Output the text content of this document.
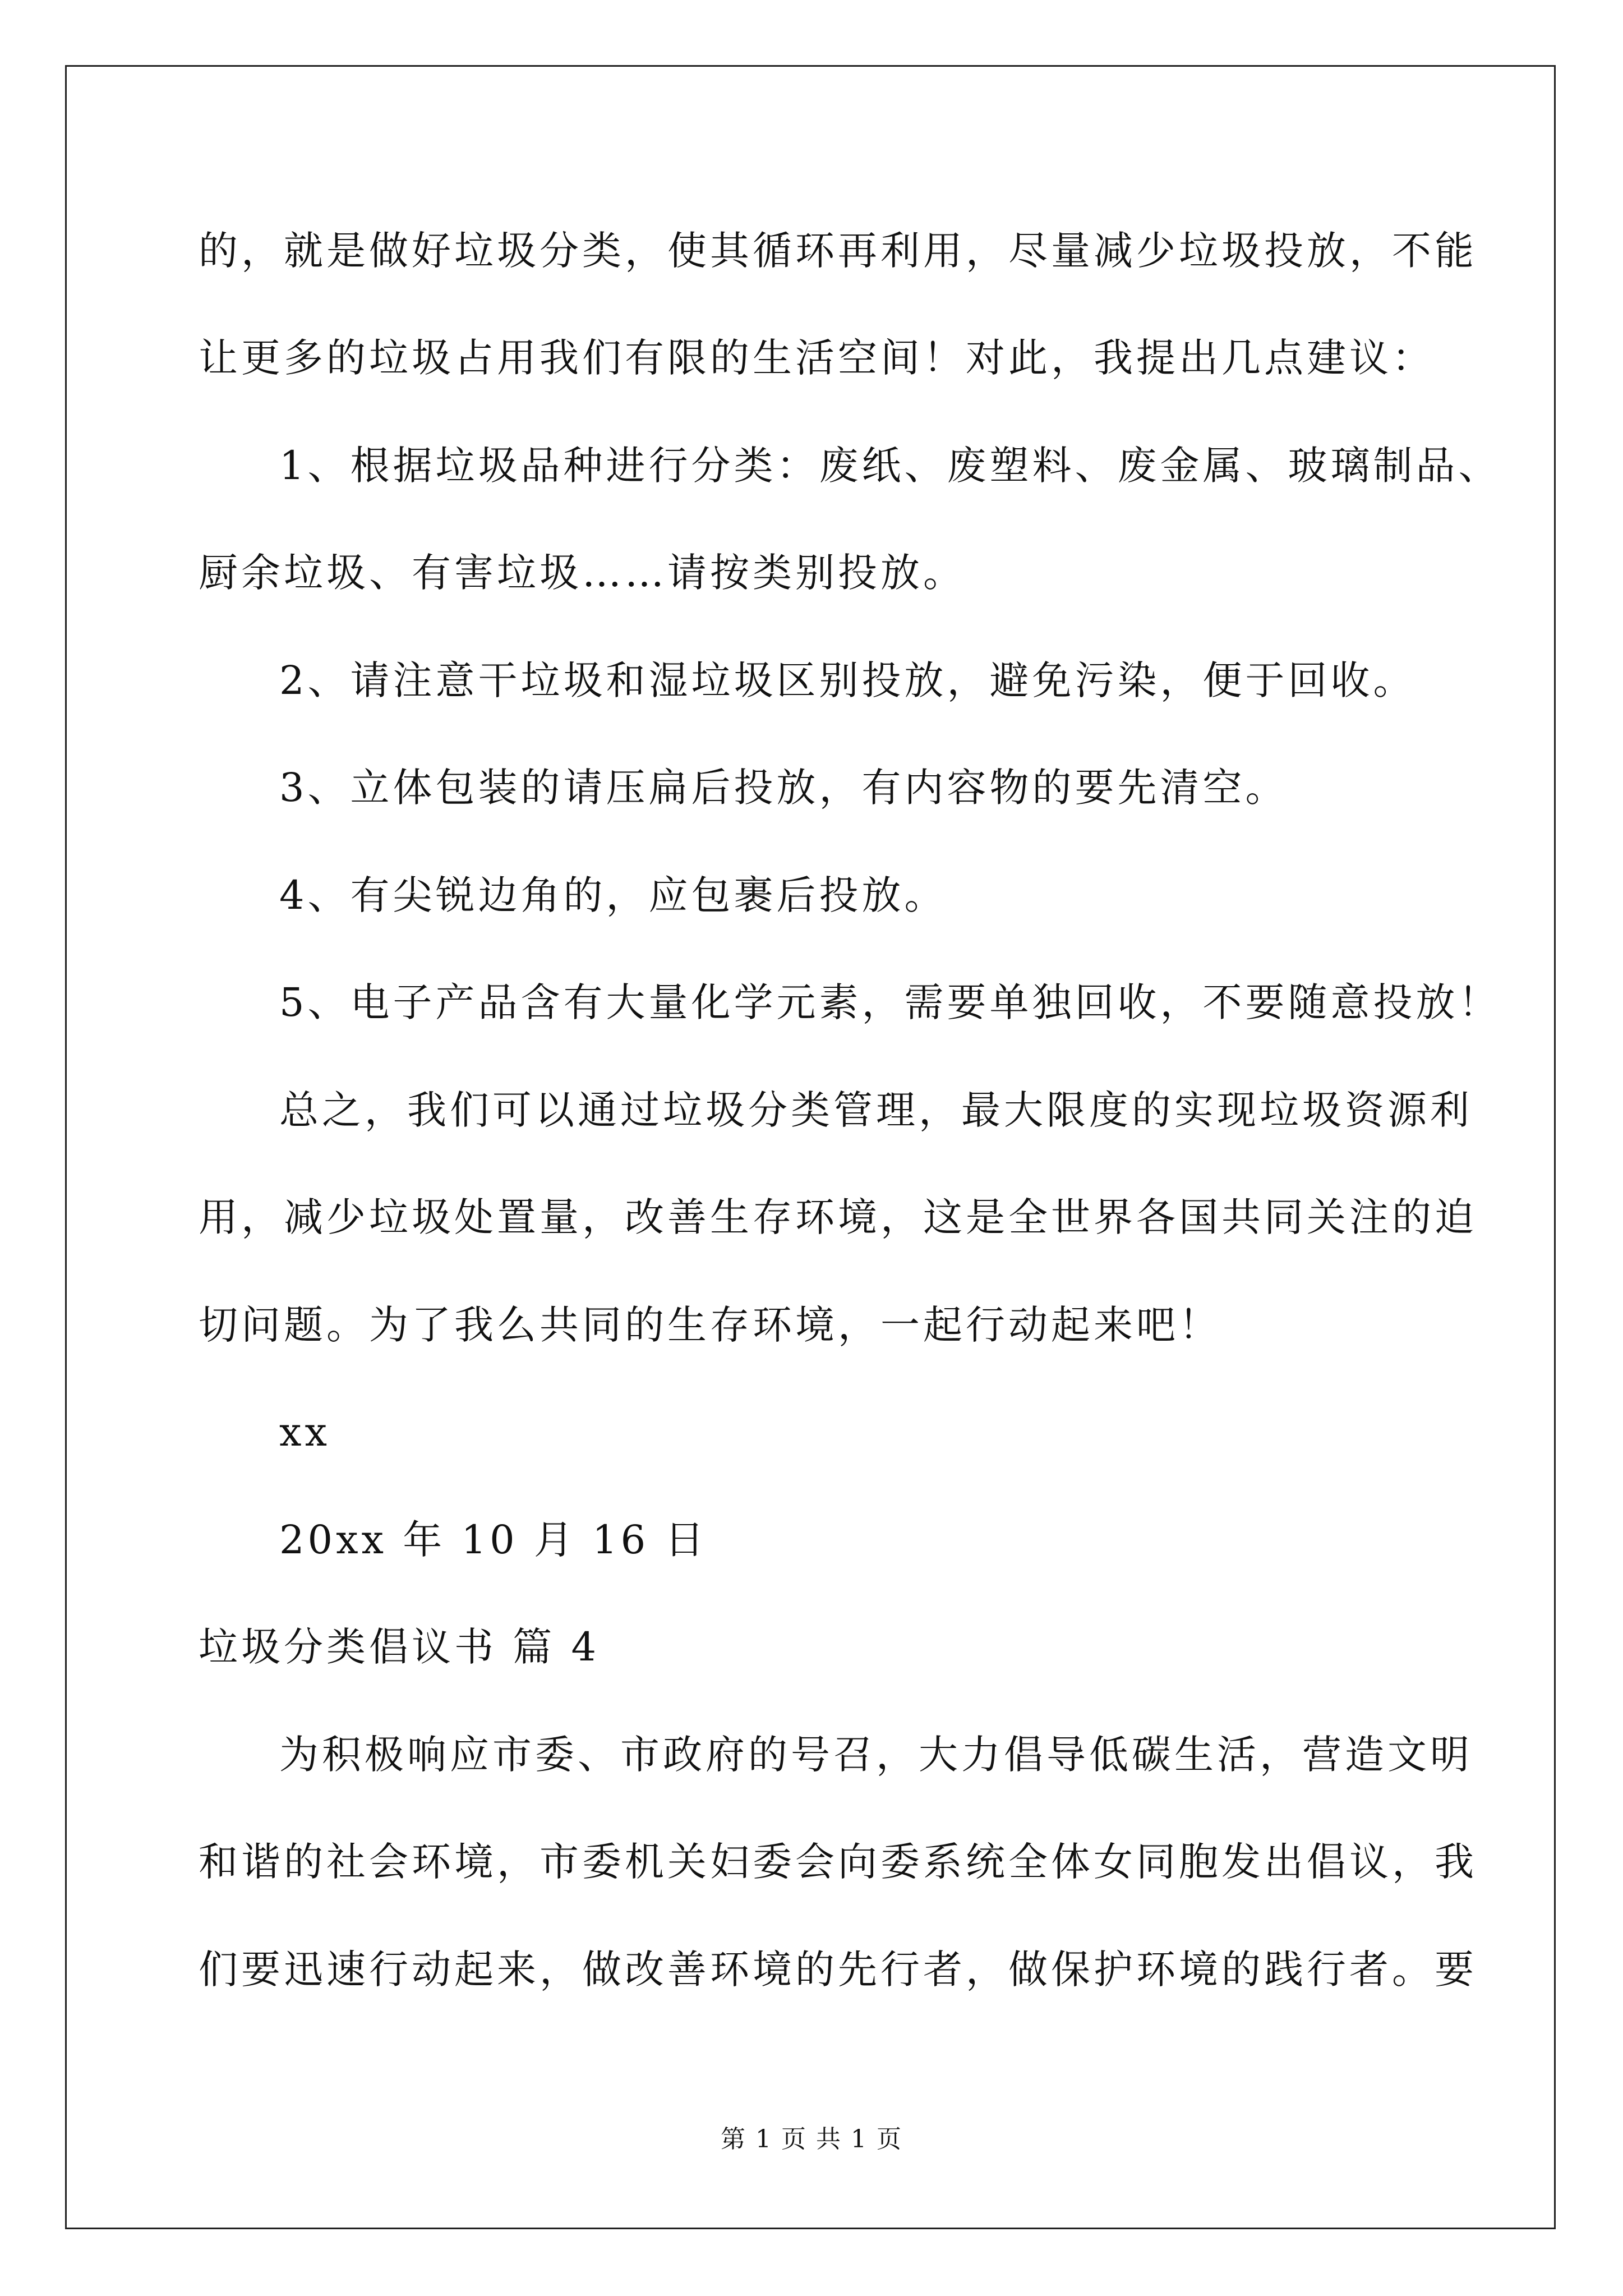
的，就是做好垃圾分类，使其循环再利用，尽量减少垃圾投放，不能
让更多的垃圾占用我们有限的生活空间！对此，我提出几点建议：
1、根据垃圾品种进行分类：废纸、废塑料、废金属、玻璃制品、
厨余垃圾、有害垃圾……请按类别投放。
2、请注意干垃圾和湿垃圾区别投放，避免污染，便于回收。
3、立体包装的请压扁后投放，有内容物的要先清空。
4、有尖锐边角的，应包裹后投放。
5、电子产品含有大量化学元素，需要单独回收，不要随意投放！
总之，我们可以通过垃圾分类管理，最大限度的实现垃圾资源利
用，减少垃圾处置量，改善生存环境，这是全世界各国共同关注的迫
切问题。为了我么共同的生存环境，一起行动起来吧！
xx
20xx 年 10 月 16 日
垃圾分类倡议书 篇 4
为积极响应市委、市政府的号召，大力倡导低碳生活，营造文明
和谐的社会环境，市委机关妇委会向委系统全体女同胞发出倡议，我
们要迅速行动起来，做改善环境的先行者，做保护环境的践行者。要
第 1 页 共 1 页
